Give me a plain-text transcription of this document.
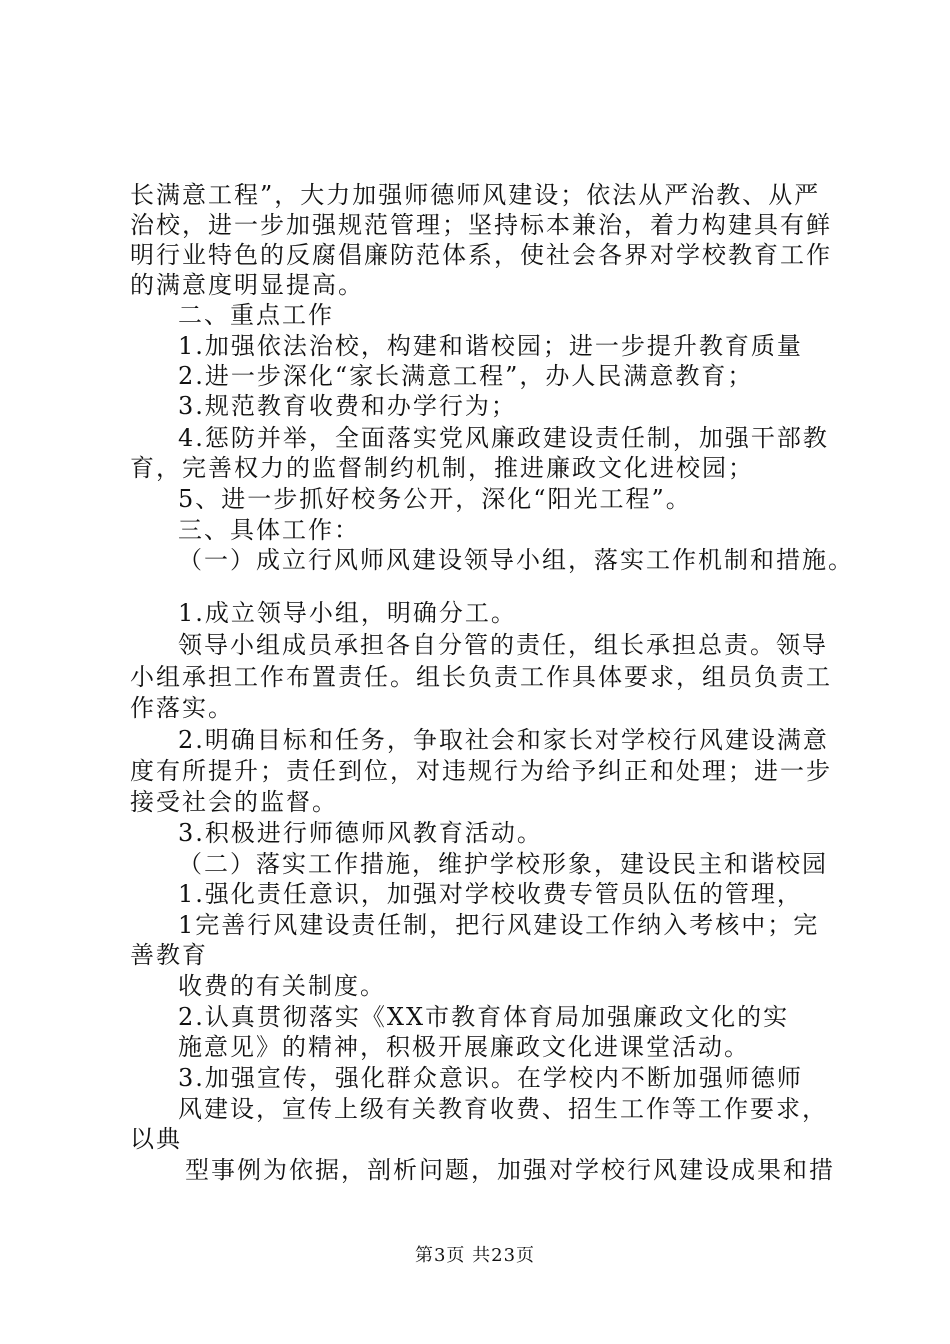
长满意工程”，大力加强师德师风建设；依法从严治教、从严
治校，进一步加强规范管理；坚持标本兼治，着力构建具有鲜
明行业特色的反腐倡廉防范体系，使社会各界对学校教育工作
的满意度明显提高。
二、重点工作
1.加强依法治校，构建和谐校园；进一步提升教育质量
2.进一步深化“家长满意工程”，办人民满意教育；
3.规范教育收费和办学行为；
4.惩防并举，全面落实党风廉政建设责任制，加强干部教
育，完善权力的监督制约机制，推进廉政文化进校园；
5、进一步抓好校务公开，深化“阳光工程”。
三、具体工作：
（一）成立行风师风建设领导小组，落实工作机制和措施。
1.成立领导小组，明确分工。
领导小组成员承担各自分管的责任，组长承担总责。领导
小组承担工作布置责任。组长负责工作具体要求，组员负责工
作落实。
2.明确目标和任务，争取社会和家长对学校行风建设满意
度有所提升；责任到位，对违规行为给予纠正和处理；进一步
接受社会的监督。
3.积极进行师德师风教育活动。
（二）落实工作措施，维护学校形象，建设民主和谐校园
1.强化责任意识，加强对学校收费专管员队伍的管理，
1完善行风建设责任制，把行风建设工作纳入考核中；完
善教育
收费的有关制度。
2.认真贯彻落实《XX市教育体育局加强廉政文化的实
施意见》的精神，积极开展廉政文化进课堂活动。
3.加强宣传，强化群众意识。在学校内不断加强师德师
风建设，宣传上级有关教育收费、招生工作等工作要求，
以典
型事例为依据，剖析问题，加强对学校行风建设成果和措
第3页 共23页
